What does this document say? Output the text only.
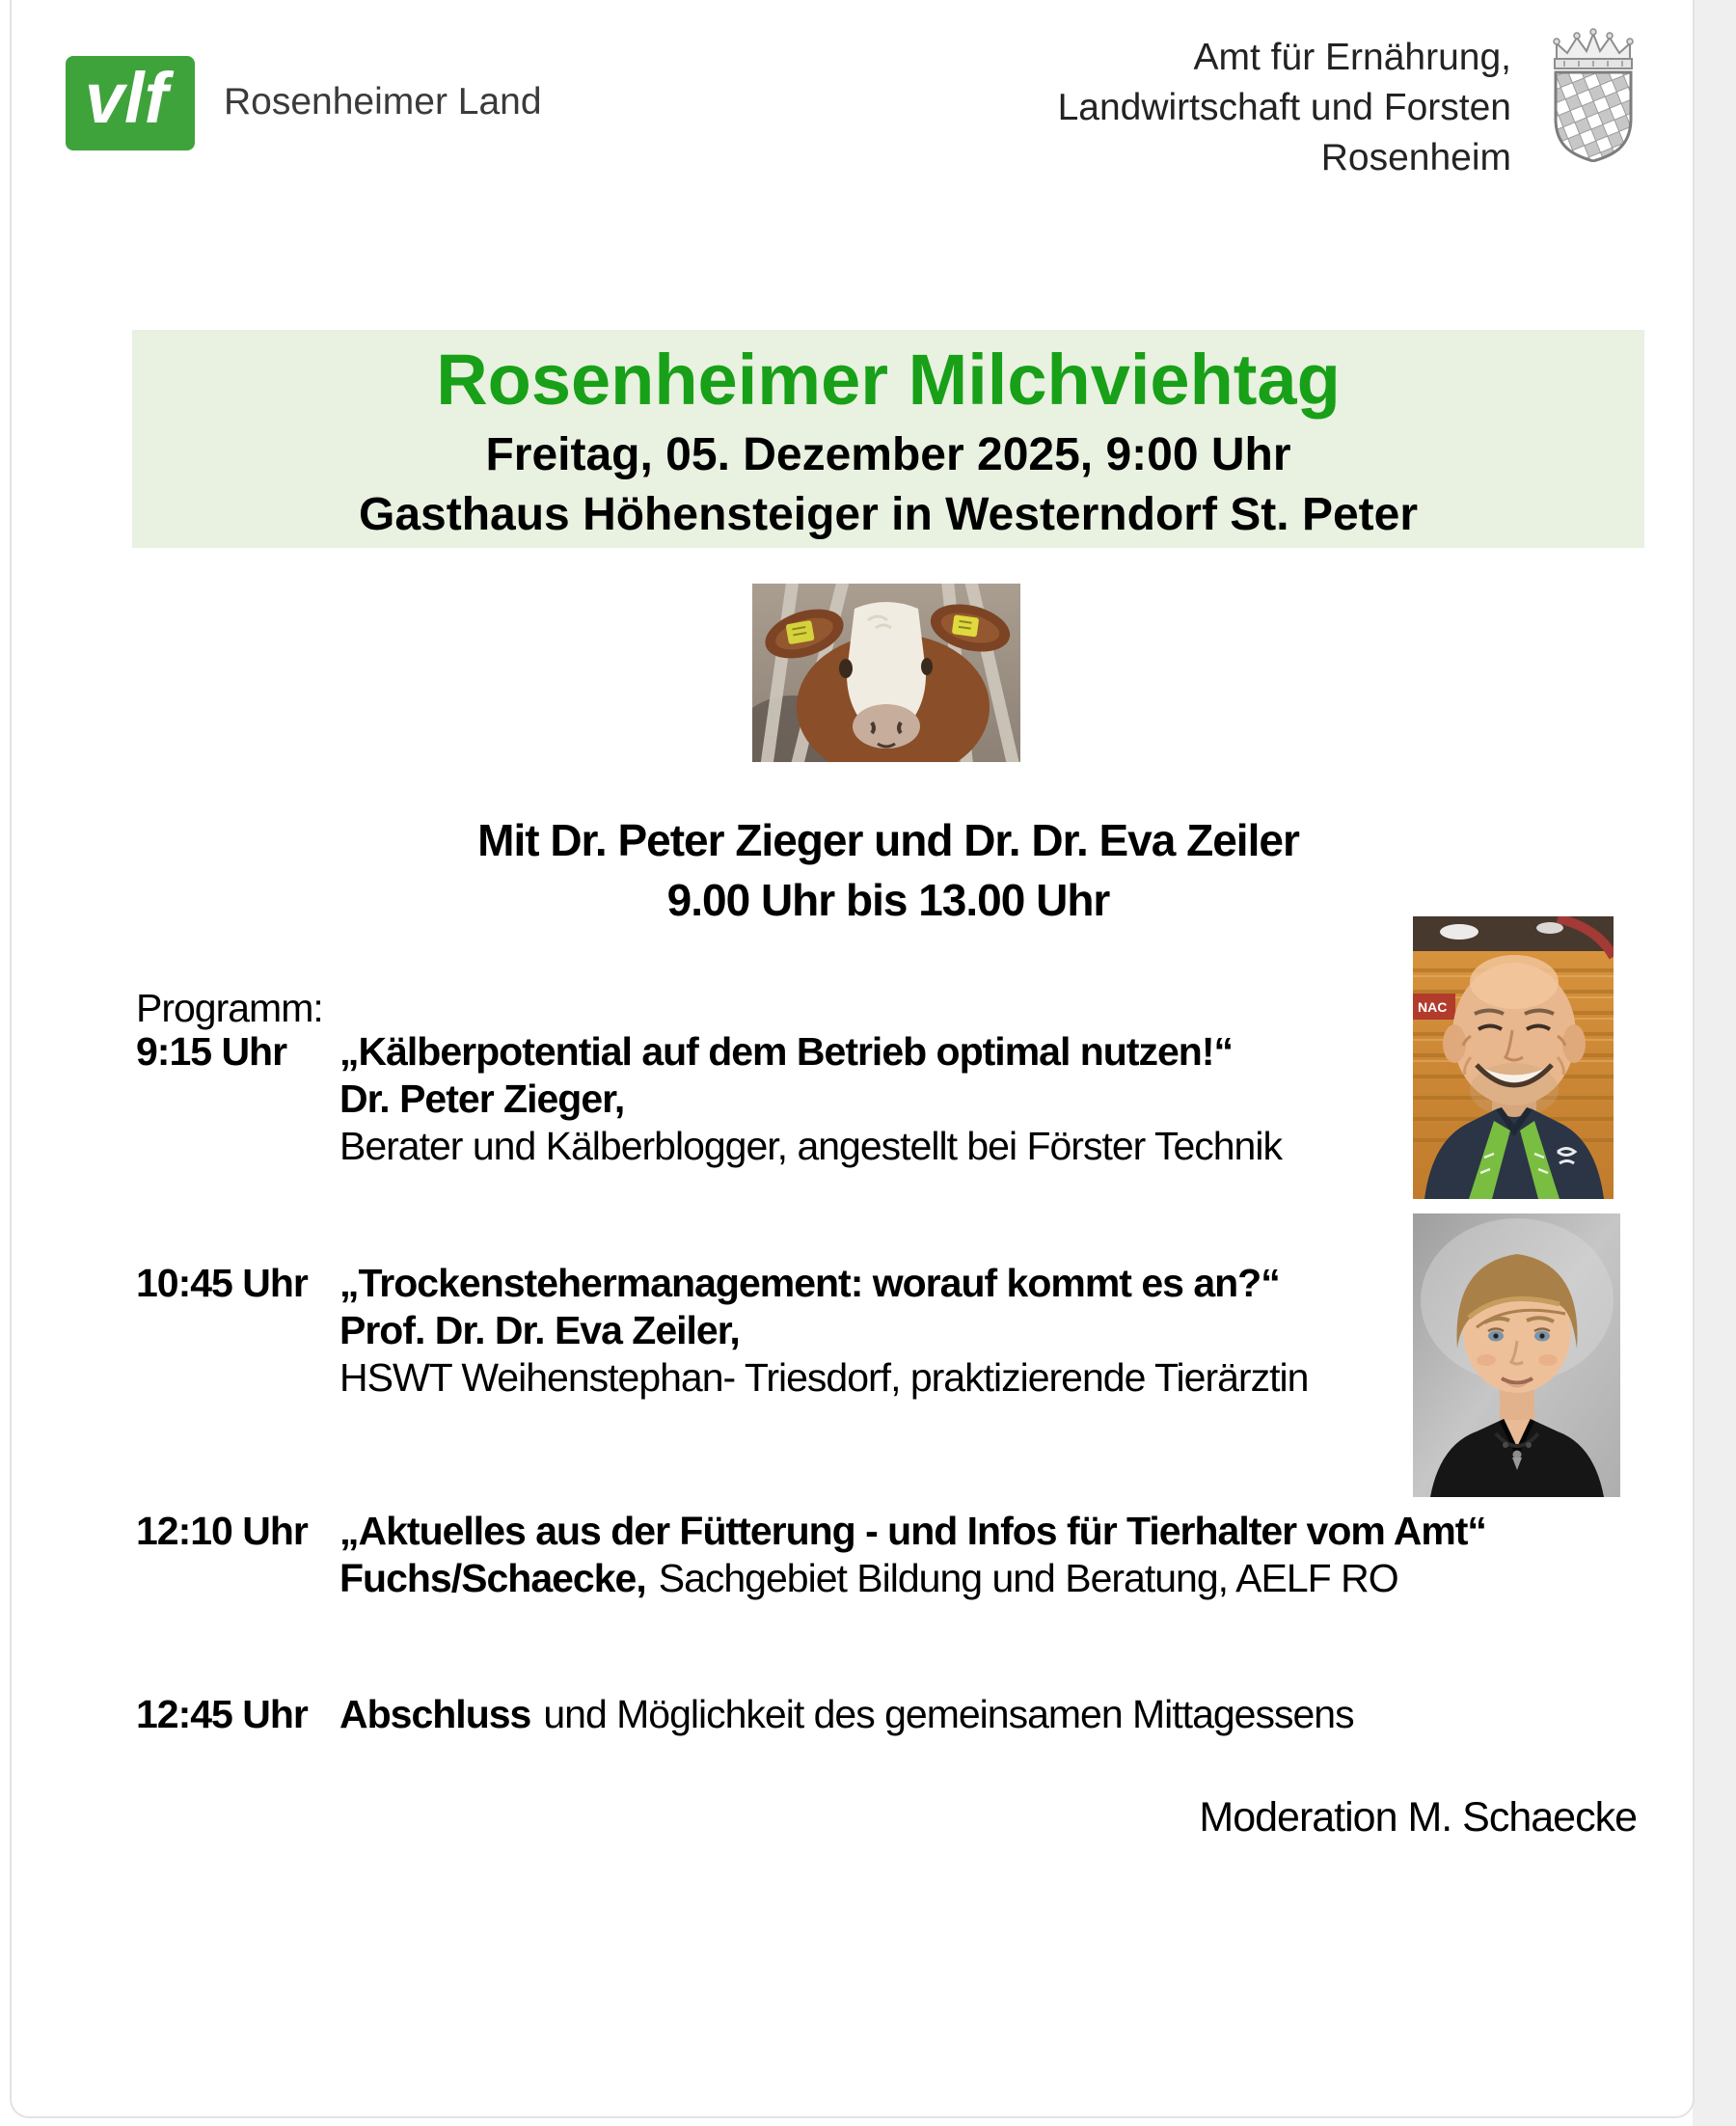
vlf Rosenheimer Land
Amt für Ernährung,
Landwirtschaft und Forsten
Rosenheim
Rosenheimer Milchviehtag
Freitag, 05. Dezember 2025, 9:00 Uhr
Gasthaus Höhensteiger in Westerndorf St. Peter
Mit Dr. Peter Zieger und Dr. Dr. Eva Zeiler
9.00 Uhr bis 13.00 Uhr
NAC
Programm:
9:15 Uhr	„Kälberpotential auf dem Betrieb optimal nutzen!“
Dr. Peter Zieger,
Berater und Kälberblogger, angestellt bei Förster Technik
10:45 Uhr „Trockenstehermanagement: worauf kommt es an?“
Prof. Dr. Dr. Eva Zeiler,
HSWT Weihenstephan- Triesdorf, praktizierende Tierärztin
12:10 Uhr „Aktuelles aus der Fütterung - und Infos für Tierhalter vom Amt“
Fuchs/Schaecke, Sachgebiet Bildung und Beratung, AELF RO
12:45 Uhr Abschluss und Möglichkeit des gemeinsamen Mittagessens
Moderation M. Schaecke
